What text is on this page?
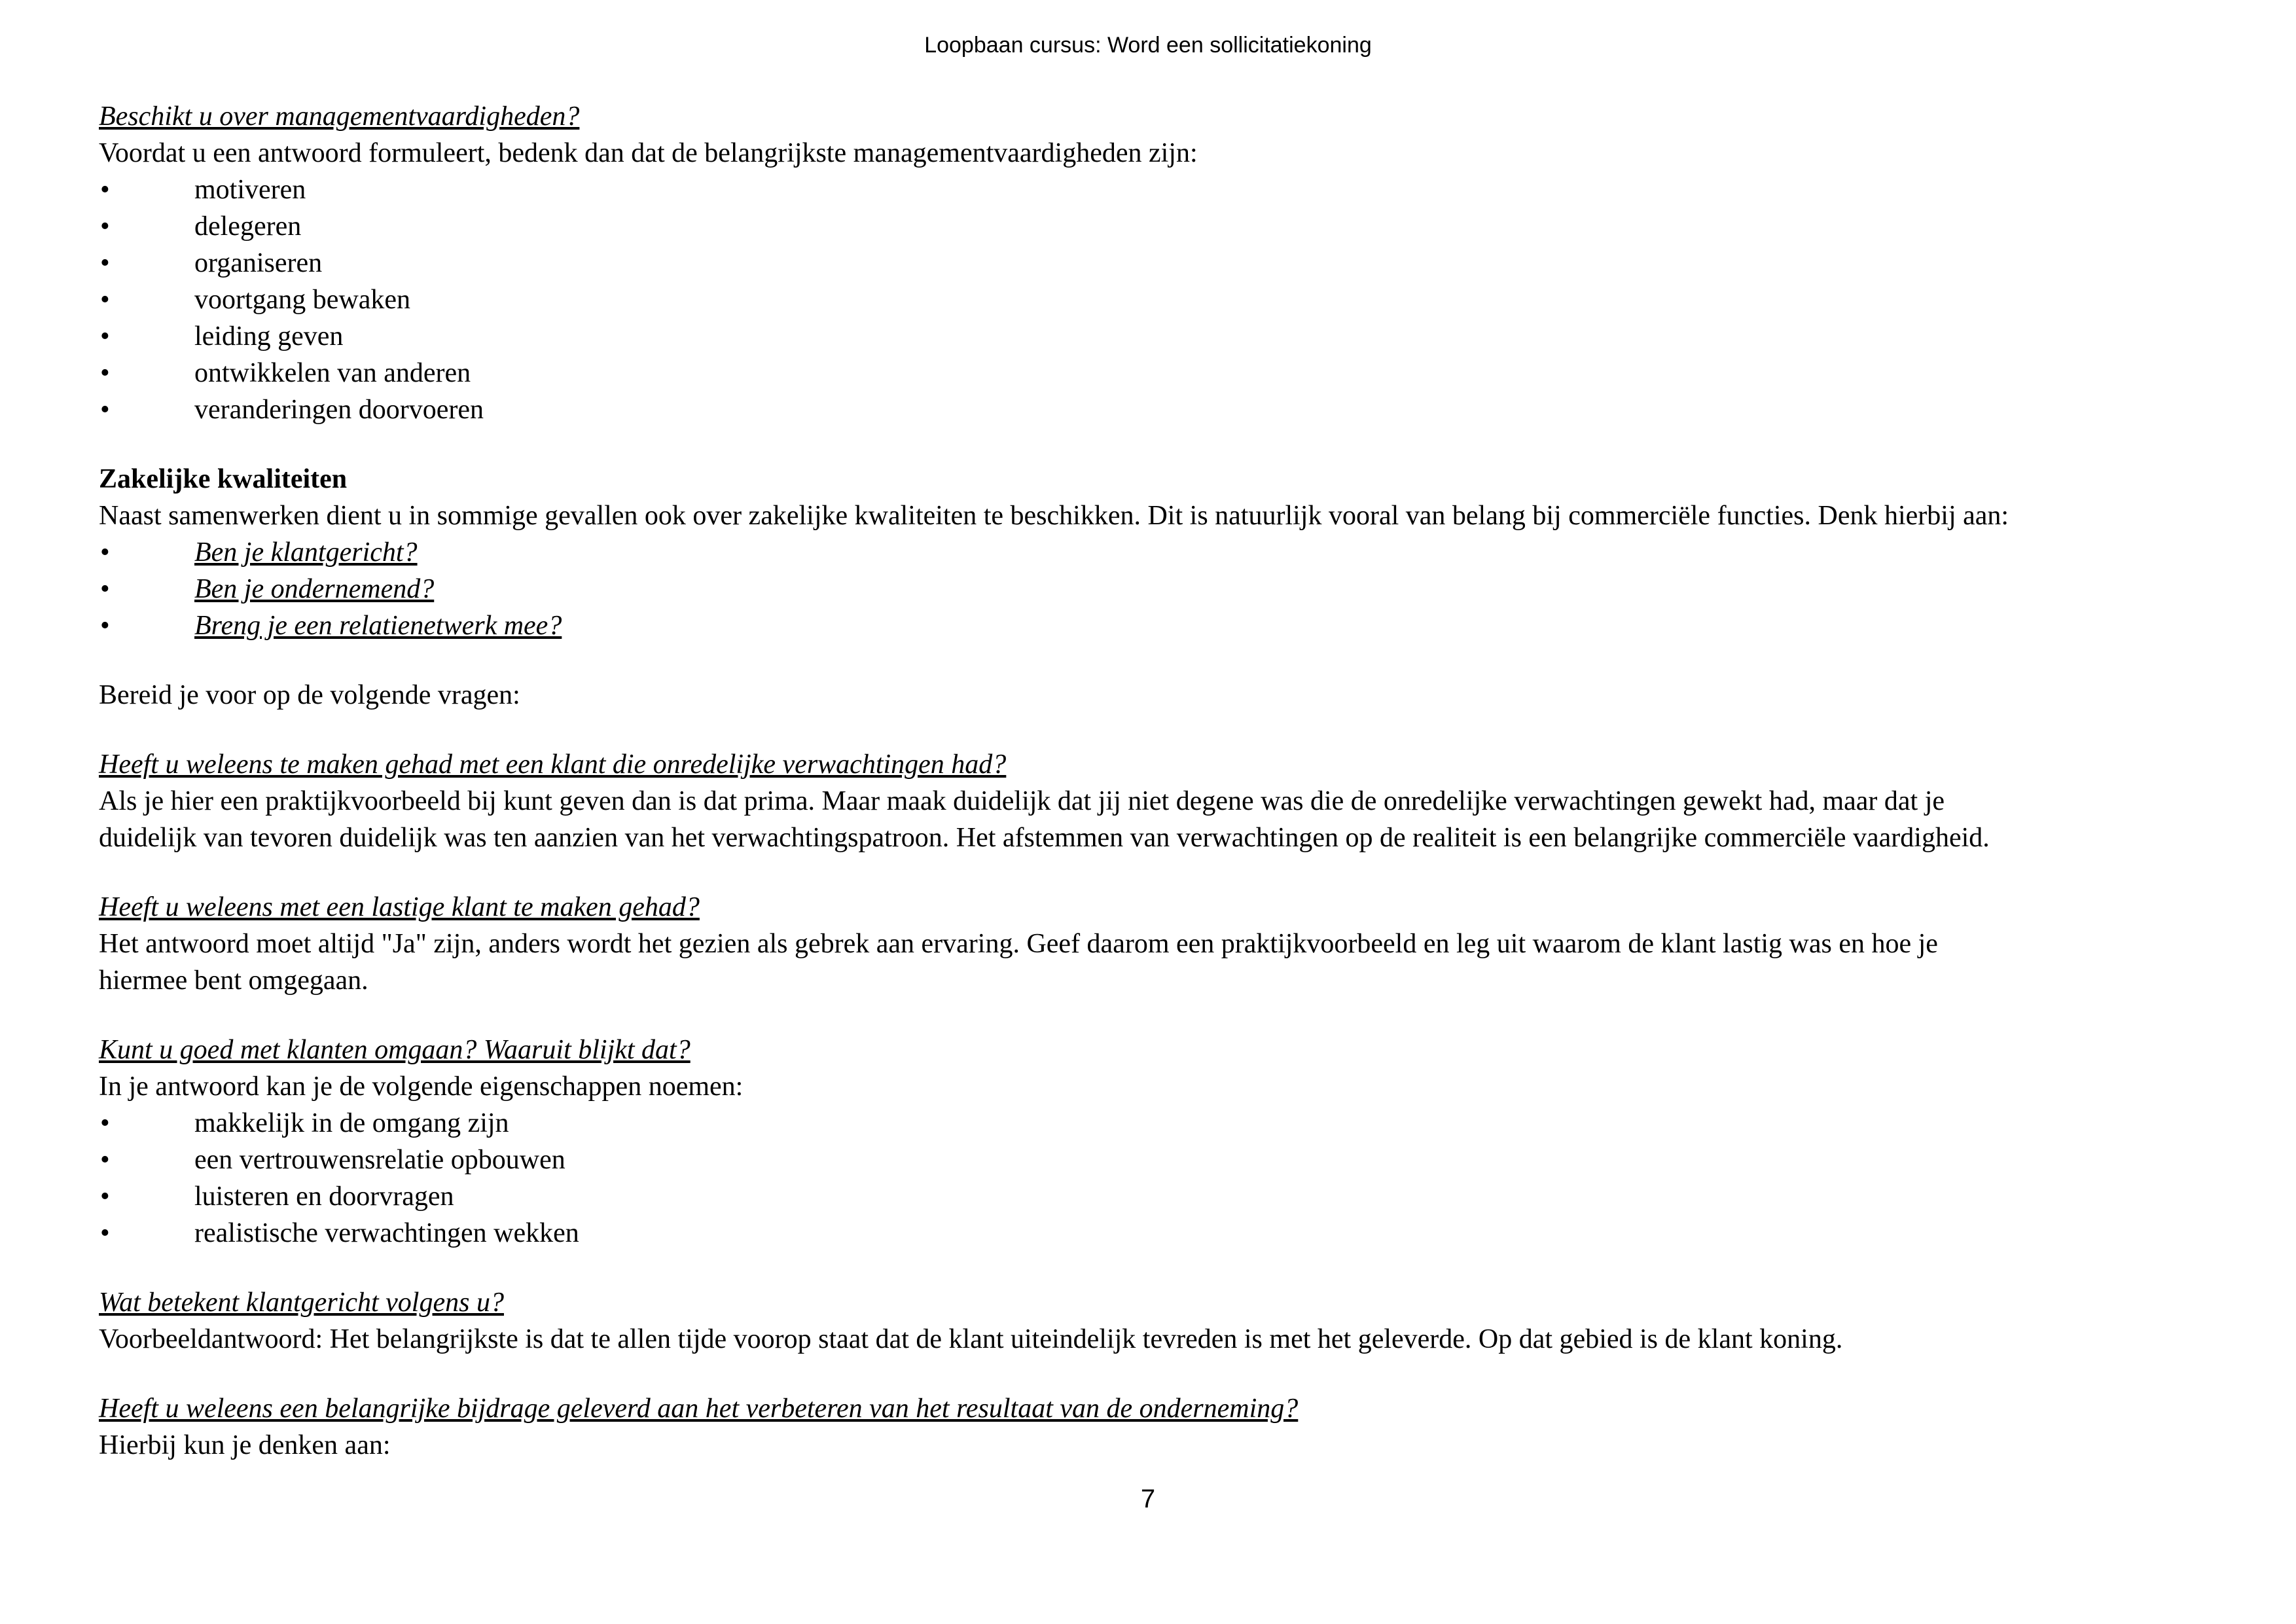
Loopbaan cursus: Word een sollicitatiekoning
Beschikt u over managementvaardigheden?
Voordat u een antwoord formuleert, bedenk dan dat de belangrijkste managementvaardigheden zijn:
•	motiveren
•	delegeren
•	organiseren
•	voortgang bewaken
•	leiding geven
•	ontwikkelen van anderen
•	veranderingen doorvoeren
Zakelijke kwaliteiten
Naast samenwerken dient u in sommige gevallen ook over zakelijke kwaliteiten te beschikken. Dit is natuurlijk vooral van belang bij commerciële functies. Denk hierbij aan:
•	Ben je klantgericht?
•	Ben je ondernemend?
•	Breng je een relatienetwerk mee?
Bereid je voor op de volgende vragen:
Heeft u weleens te maken gehad met een klant die onredelijke verwachtingen had?
Als je hier een praktijkvoorbeeld bij kunt geven dan is dat prima. Maar maak duidelijk dat jij niet degene was die de onredelijke verwachtingen gewekt had, maar dat je
duidelijk van tevoren duidelijk was ten aanzien van het verwachtingspatroon. Het afstemmen van verwachtingen op de realiteit is een belangrijke commerciële vaardigheid.
Heeft u weleens met een lastige klant te maken gehad?
Het antwoord moet altijd "Ja" zijn, anders wordt het gezien als gebrek aan ervaring. Geef daarom een praktijkvoorbeeld en leg uit waarom de klant lastig was en hoe je
hiermee bent omgegaan.
Kunt u goed met klanten omgaan? Waaruit blijkt dat?
In je antwoord kan je de volgende eigenschappen noemen:
•	makkelijk in de omgang zijn
•	een vertrouwensrelatie opbouwen
•	luisteren en doorvragen
•	realistische verwachtingen wekken
Wat betekent klantgericht volgens u?
Voorbeeldantwoord: Het belangrijkste is dat te allen tijde voorop staat dat de klant uiteindelijk tevreden is met het geleverde. Op dat gebied is de klant koning.
Heeft u weleens een belangrijke bijdrage geleverd aan het verbeteren van het resultaat van de onderneming?
Hierbij kun je denken aan:
7
